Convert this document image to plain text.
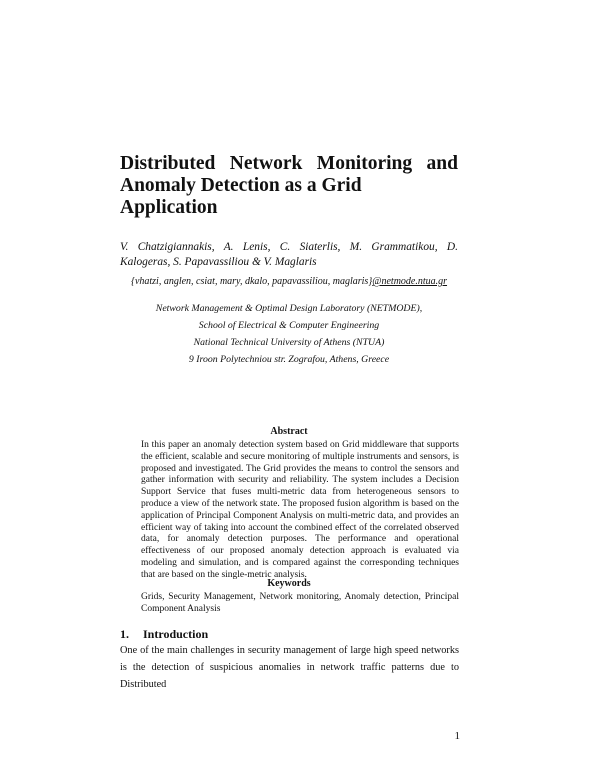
Distributed Network Monitoring and
Anomaly Detection as a Grid Application
V. Chatzigiannakis, A. Lenis, C. Siaterlis, M. Grammatikou, D.
Kalogeras, S. Papavassiliou & V. Maglaris
{vhatzi, anglen, csiat, mary, dkalo, papavassiliou, maglaris}@netmode.ntua.gr
Network Management & Optimal Design Laboratory (NETMODE),
School of Electrical & Computer Engineering
National Technical University of Athens (NTUA)
9 Iroon Polytechniou str. Zografou, Athens, Greece
Abstract
In this paper an anomaly detection system based on Grid middleware that supports the efficient, scalable and secure monitoring of multiple instruments and sensors, is proposed and investigated. The Grid provides the means to control the sensors and gather information with security and reliability. The system includes a Decision Support Service that fuses multi-metric data from heterogeneous sensors to produce a view of the network state. The proposed fusion algorithm is based on the application of Principal Component Analysis on multi-metric data, and provides an efficient way of taking into account the combined effect of the correlated observed data, for anomaly detection purposes. The performance and operational effectiveness of our proposed anomaly detection approach is evaluated via modeling and simulation, and is compared against the corresponding techniques that are based on the single-metric analysis.
Keywords
Grids, Security Management, Network monitoring, Anomaly detection, Principal Component Analysis
1. Introduction
One of the main challenges in security management of large high speed networks is the detection of suspicious anomalies in network traffic patterns due to Distributed
1
